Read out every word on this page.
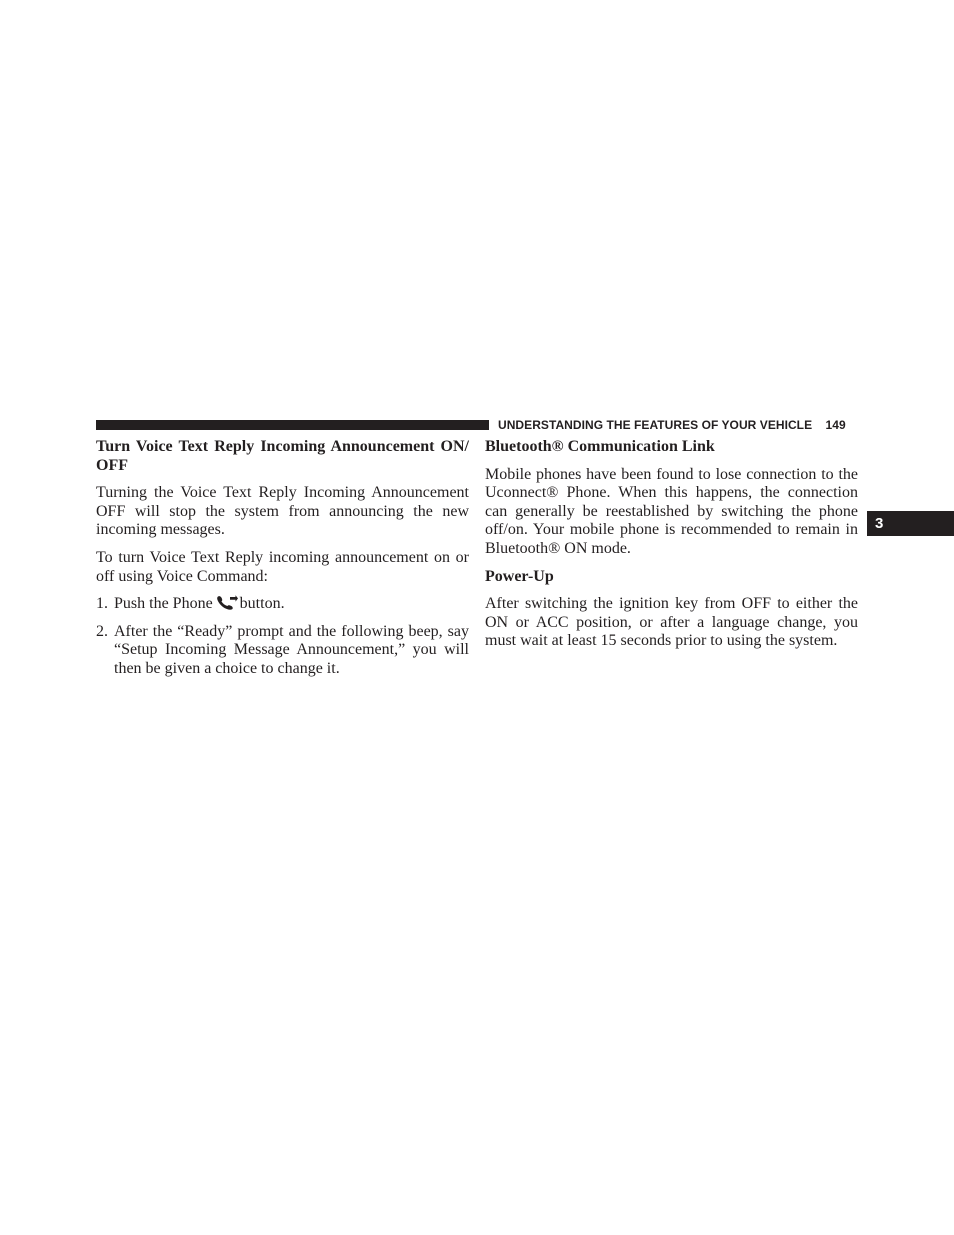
UNDERSTANDING THE FEATURES OF YOUR VEHICLE 149
3
Turn Voice Text Reply Incoming Announcement ON/ OFF

Turning the Voice Text Reply Incoming Announcement OFF will stop the system from announcing the new incoming messages.

To turn Voice Text Reply incoming announcement on or off using Voice Command:

1. Push the Phone button.
2. After the “Ready” prompt and the following beep, say “Setup Incoming Message Announcement,” you will then be given a choice to change it.
Bluetooth® Communication Link

Mobile phones have been found to lose connection to the Uconnect® Phone. When this happens, the connection can generally be reestablished by switching the phone off/on. Your mobile phone is recommended to remain in Bluetooth® ON mode.

Power-Up

After switching the ignition key from OFF to either the ON or ACC position, or after a language change, you must wait at least 15 seconds prior to using the system.
